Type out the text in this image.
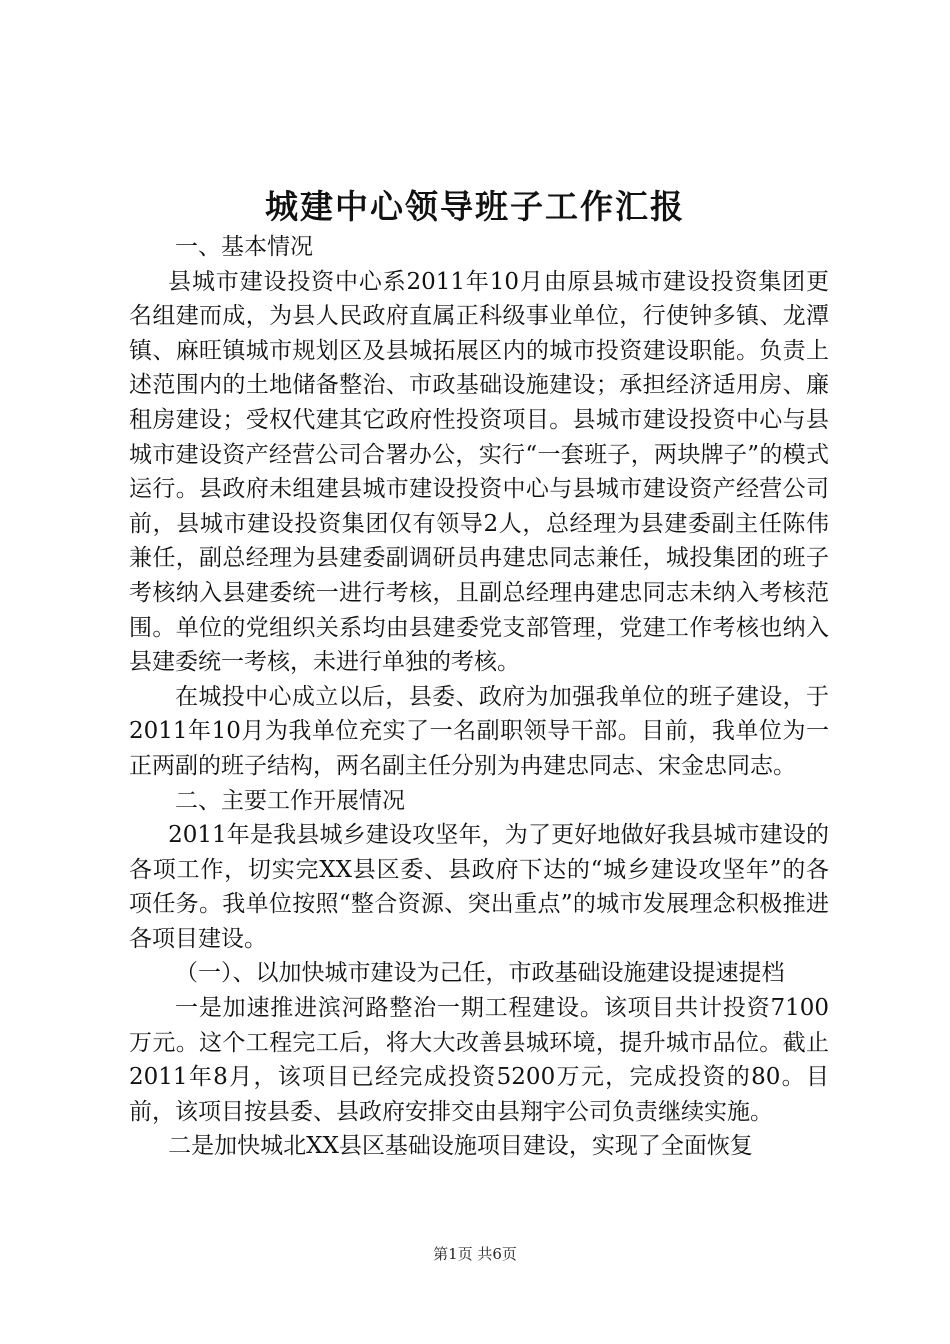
城建中心领导班子工作汇报

一、基本情况

县城市建设投资中心系2011年10月由原县城市建设投资集团更名组建而成，为县人民政府直属正科级事业单位，行使钟多镇、龙潭镇、麻旺镇城市规划区及县城拓展区内的城市投资建设职能。负责上述范围内的土地储备整治、市政基础设施建设；承担经济适用房、廉租房建设；受权代建其它政府性投资项目。县城市建设投资中心与县城市建设资产经营公司合署办公，实行“一套班子，两块牌子”的模式运行。县政府未组建县城市建设投资中心与县城市建设资产经营公司前，县城市建设投资集团仅有领导2人，总经理为县建委副主任陈伟兼任，副总经理为县建委副调研员冉建忠同志兼任，城投集团的班子考核纳入县建委统一进行考核，且副总经理冉建忠同志未纳入考核范围。单位的党组织关系均由县建委党支部管理，党建工作考核也纳入县建委统一考核，未进行单独的考核。

在城投中心成立以后，县委、政府为加强我单位的班子建设，于2011年10月为我单位充实了一名副职领导干部。目前，我单位为一正两副的班子结构，两名副主任分别为冉建忠同志、宋金忠同志。

二、主要工作开展情况

2011年是我县城乡建设攻坚年，为了更好地做好我县城市建设的各项工作，切实完XX县区委、县政府下达的“城乡建设攻坚年”的各项任务。我单位按照“整合资源、突出重点”的城市发展理念积极推进各项目建设。

（一）、以加快城市建设为己任，市政基础设施建设提速提档

一是加速推进滨河路整治一期工程建设。该项目共计投资7100万元。这个工程完工后，将大大改善县城环境，提升城市品位。截止2011年8月，该项目已经完成投资5200万元，完成投资的80。目前，该项目按县委、县政府安排交由县翔宇公司负责继续实施。

二是加快城北XX县区基础设施项目建设，实现了全面恢复

第1页 共6页
